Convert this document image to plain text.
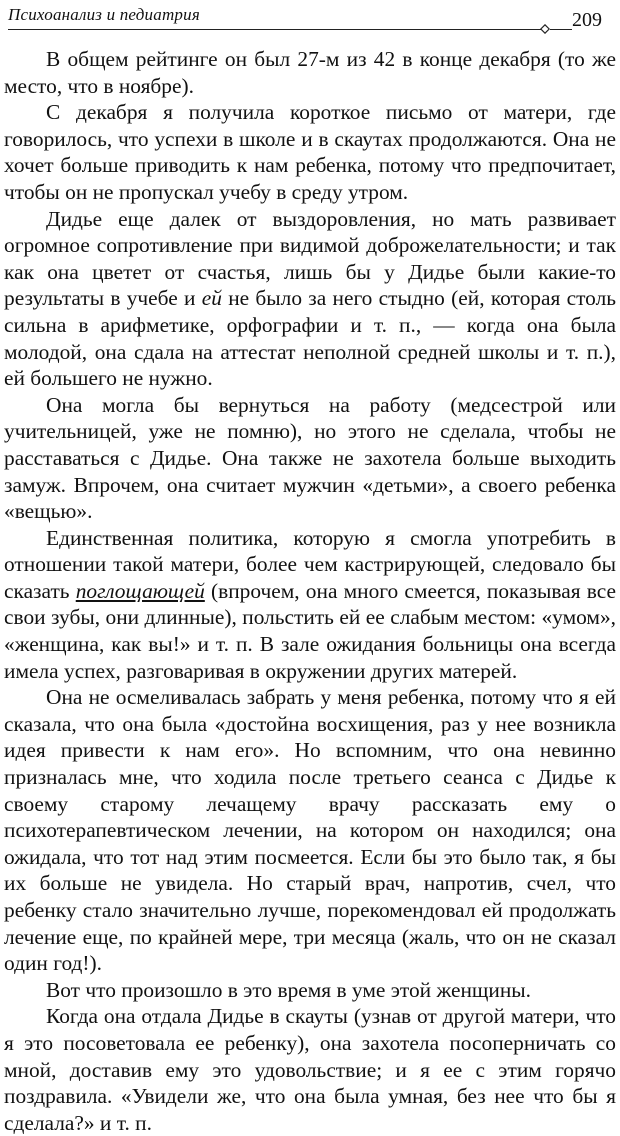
Психоанализ и педиатрия	209

В общем рейтинге он был 27-м из 42 в конце декабря (то же место, что в ноябре).

С декабря я получила короткое письмо от матери, где говорилось, что успехи в школе и в скаутах продолжаются. Она не хочет больше приводить к нам ребенка, потому что предпочитает, чтобы он не пропускал учебу в среду утром.

Дидье еще далек от выздоровления, но мать развивает огромное сопротивление при видимой доброжелательности; и так как она цветет от счастья, лишь бы у Дидье были какие-то результаты в учебе и ей не было за него стыдно (ей, которая столь сильна в арифметике, орфографии и т. п., — когда она была молодой, она сдала на аттестат неполной средней школы и т. п.), ей большего не нужно.

Она могла бы вернуться на работу (медсестрой или учительницей, уже не помню), но этого не сделала, чтобы не расставаться с Дидье. Она также не захотела больше выходить замуж. Впрочем, она считает мужчин «детьми», а своего ребенка «вещью».

Единственная политика, которую я смогла употребить в отношении такой матери, более чем кастрирующей, следовало бы сказать поглощающей (впрочем, она много смеется, показывая все свои зубы, они длинные), польстить ей ее слабым местом: «умом», «женщина, как вы!» и т. п. В зале ожидания больницы она всегда имела успех, разговаривая в окружении других матерей.

Она не осмеливалась забрать у меня ребенка, потому что я ей сказала, что она была «достойна восхищения, раз у нее возникла идея привести к нам его». Но вспомним, что она невинно призналась мне, что ходила после третьего сеанса с Дидье к своему старому лечащему врачу рассказать ему о психотерапевтическом лечении, на котором он находился; она ожидала, что тот над этим посмеется. Если бы это было так, я бы их больше не увидела. Но старый врач, напротив, счел, что ребенку стало значительно лучше, порекомендовал ей продолжать лечение еще, по крайней мере, три месяца (жаль, что он не сказал один год!).

Вот что произошло в это время в уме этой женщины.

Когда она отдала Дидье в скауты (узнав от другой матери, что я это посоветовала ее ребенку), она захотела посоперничать со мной, доставив ему это удовольствие; и я ее с этим горячо поздравила. «Увидели же, что она была умная, без нее что бы я сделала?» и т. п.
